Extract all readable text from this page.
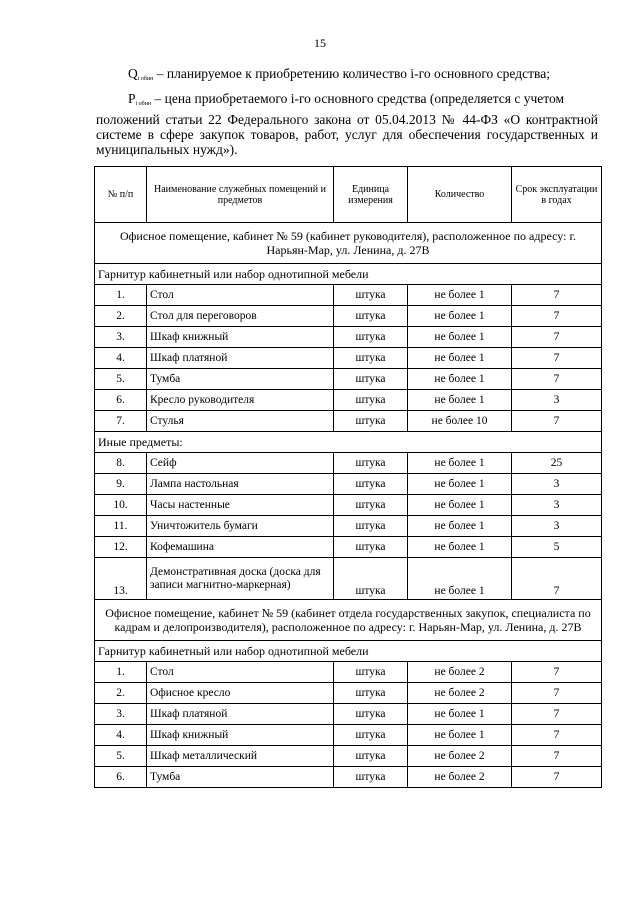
15
$Q_{i обин}$ – планируемое к приобретению количество i-го основного средства;
$P_{i обин}$ – цена приобретаемого i-го основного средства (определяется с учетом
положений статьи 22 Федерального закона от 05.04.2013 № 44-ФЗ «О контрактной системе в сфере закупок товаров, работ, услуг для обеспечения государственных и муниципальных нужд»).
№ п/п	Наименование служебных помещений и предметов	Единица измерения	Количество	Срок эксплуатации в годах
Офисное помещение, кабинет № 59 (кабинет руководителя), расположенное по адресу: г. Нарьян-Мар, ул. Ленина, д. 27В				
Гарнитур кабинетный или набор однотипной мебели				
1.	Стол	штука	не более 1	7
2.	Стол для переговоров	штука	не более 1	7
3.	Шкаф книжный	штука	не более 1	7
4.	Шкаф платяной	штука	не более 1	7
5.	Тумба	штука	не более 1	7
6.	Кресло руководителя	штука	не более 1	3
7.	Стулья	штука	не более 10	7
Иные предметы:				
8.	Сейф	штука	не более 1	25
9.	Лампа настольная	штука	не более 1	3
10.	Часы настенные	штука	не более 1	3
11.	Уничтожитель бумаги	штука	не более 1	3
12.	Кофемашина	штука	не более 1	5
13.	Демонстративная доска (доска для записи магнитно-маркерная)	штука	не более 1	7
Офисное помещение, кабинет № 59 (кабинет отдела государственных закупок, специалиста по кадрам и делопроизводителя), расположенное по адресу: г. Нарьян-Мар, ул. Ленина, д. 27В				
Гарнитур кабинетный или набор однотипной мебели				
1.	Стол	штука	не более 2	7
2.	Офисное кресло	штука	не более 2	7
3.	Шкаф платяной	штука	не более 1	7
4.	Шкаф книжный	штука	не более 1	7
5.	Шкаф металлический	штука	не более 2	7
6.	Тумба	штука	не более 2	7
